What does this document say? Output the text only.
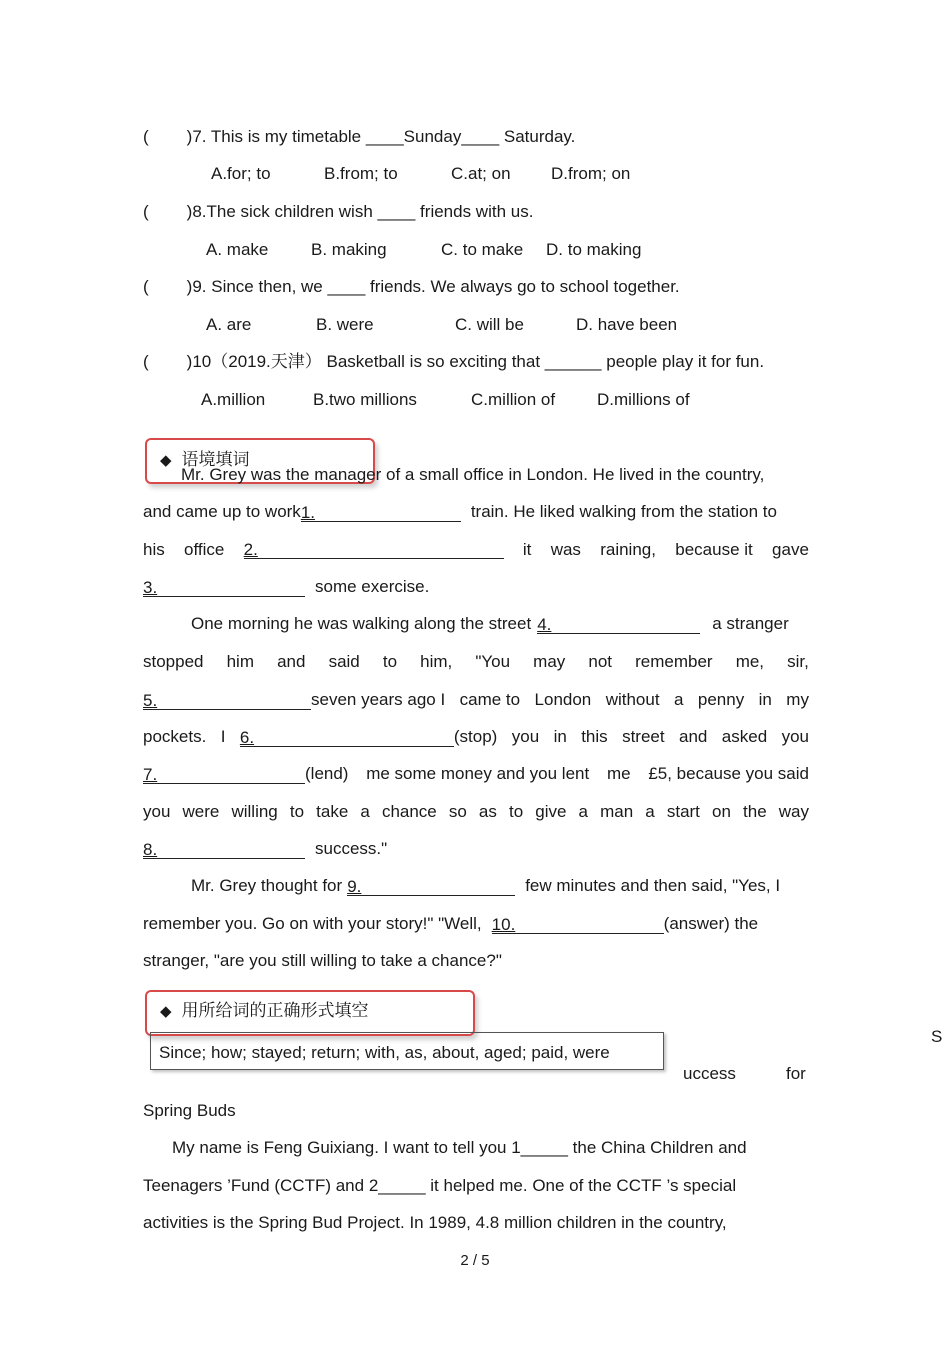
( )7. This is my timetable ____Sunday____ Saturday.
A.for; to	B.from; to	C.at; on D.from; on
( )8.The sick children wish ____ friends with us.
A. make	B. making	C. to make D. to making
( )9. Since then, we ____ friends. We always go to school together.
A. are	B. were	C. will be	D. have been
( )10（2019.天津） Basketball is so exciting that ______ people play it for fun.
A.million	B.two millions	C.million of D.millions of
◆ 语境填词
Mr. Grey was the manager of a small office in London. He lived in the country,
and came up to work1.	train. He liked walking from the station to
his office 2.	it was raining, because it gave
3.	some exercise.
One morning he was walking along the street 4.	a stranger
stopped him and said to him, "You may not remember me, sir,
5.	seven years ago I came to London without a penny in my
pockets. I 6.	(stop) you in this street and asked you
7.	(lend) me some money and you lent me £5, because you said
you were willing to take a chance so as to give a man a start on the way
8.	success."
Mr. Grey thought for 9.	few minutes and then said, "Yes, I
remember you. Go on with your story!" "Well, 10.	(answer) the
stranger, "are you still willing to take a chance?"
◆ 用所给词的正确形式填空
Since; how; stayed; return; with, as, about, aged; paid, were
S
uccess	for
Spring Buds
My name is Feng Guixiang. I want to tell you 1_____ the China Children and
Teenagers ’Fund (CCTF) and 2_____ it helped me. One of the CCTF ’s special
activities is the Spring Bud Project. In 1989, 4.8 million children in the country,
2 / 5
